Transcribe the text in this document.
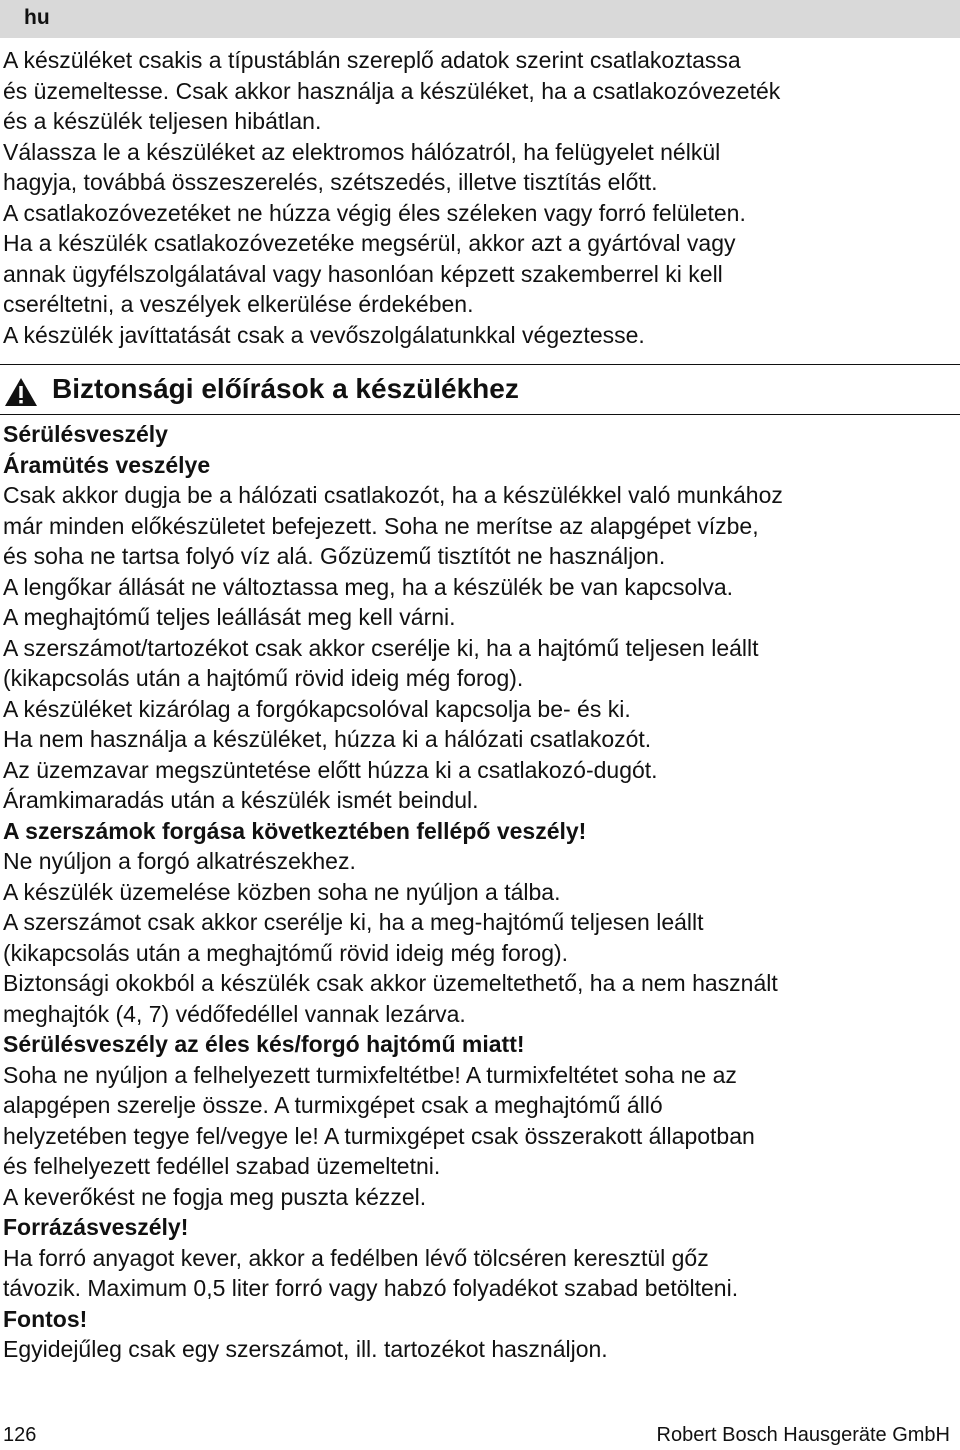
hu
A készüléket csakis a típustáblán szereplő adatok szerint csatlakoztassa
és üzemeltesse. Csak akkor használja a készüléket, ha a csatlakozóvezeték
és a készülék teljesen hibátlan.
Válassza le a készüléket az elektromos hálózatról, ha felügyelet nélkül
hagyja, továbbá összeszerelés, szétszedés, illetve tisztítás előtt.
A csatlakozóvezetéket ne húzza végig éles széleken vagy forró felületen.
Ha a készülék csatlakozóvezetéke megsérül, akkor azt a gyártóval vagy
annak ügyfélszolgálatával vagy hasonlóan képzett szakemberrel ki kell
cseréltetni, a veszélyek elkerülése érdekében.
A készülék javíttatását csak a vevőszolgálatunkkal végeztesse.
Biztonsági előírások a készülékhez
Sérülésveszély
Áramütés veszélye
Csak akkor dugja be a hálózati csatlakozót, ha a készülékkel való munkához
már minden előkészületet befejezett. Soha ne merítse az alapgépet vízbe,
és soha ne tartsa folyó víz alá. Gőzüzemű tisztítót ne használjon.
A lengőkar állását ne változtassa meg, ha a készülék be van kapcsolva.
A meghajtómű teljes leállását meg kell várni.
A szerszámot/tartozékot csak akkor cserélje ki, ha a hajtómű teljesen leállt
(kikapcsolás után a hajtómű rövid ideig még forog).
A készüléket kizárólag a forgókapcsolóval kapcsolja be- és ki.
Ha nem használja a készüléket, húzza ki a hálózati csatlakozót.
Az üzemzavar megszüntetése előtt húzza ki a csatlakozó-dugót.
Áramkimaradás után a készülék ismét beindul.
A szerszámok forgása következtében fellépő veszély!
Ne nyúljon a forgó alkatrészekhez.
A készülék üzemelése közben soha ne nyúljon a tálba.
A szerszámot csak akkor cserélje ki, ha a meg-hajtómű teljesen leállt
(kikapcsolás után a meghajtómű rövid ideig még forog).
Biztonsági okokból a készülék csak akkor üzemeltethető, ha a nem használt
meghajtók (4, 7) védőfedéllel vannak lezárva.
Sérülésveszély az éles kés/forgó hajtómű miatt!
Soha ne nyúljon a felhelyezett turmixfeltétbe! A turmixfeltétet soha ne az
alapgépen szerelje össze. A turmixgépet csak a meghajtómű álló
helyzetében tegye fel/vegye le! A turmixgépet csak összerakott állapotban
és felhelyezett fedéllel szabad üzemeltetni.
A keverőkést ne fogja meg puszta kézzel.
Forrázásveszély!
Ha forró anyagot kever, akkor a fedélben lévő tölcséren keresztül gőz
távozik. Maximum 0,5 liter forró vagy habzó folyadékot szabad betölteni.
Fontos!
Egyidejűleg csak egy szerszámot, ill. tartozékot használjon.
126	Robert Bosch Hausgeräte GmbH
